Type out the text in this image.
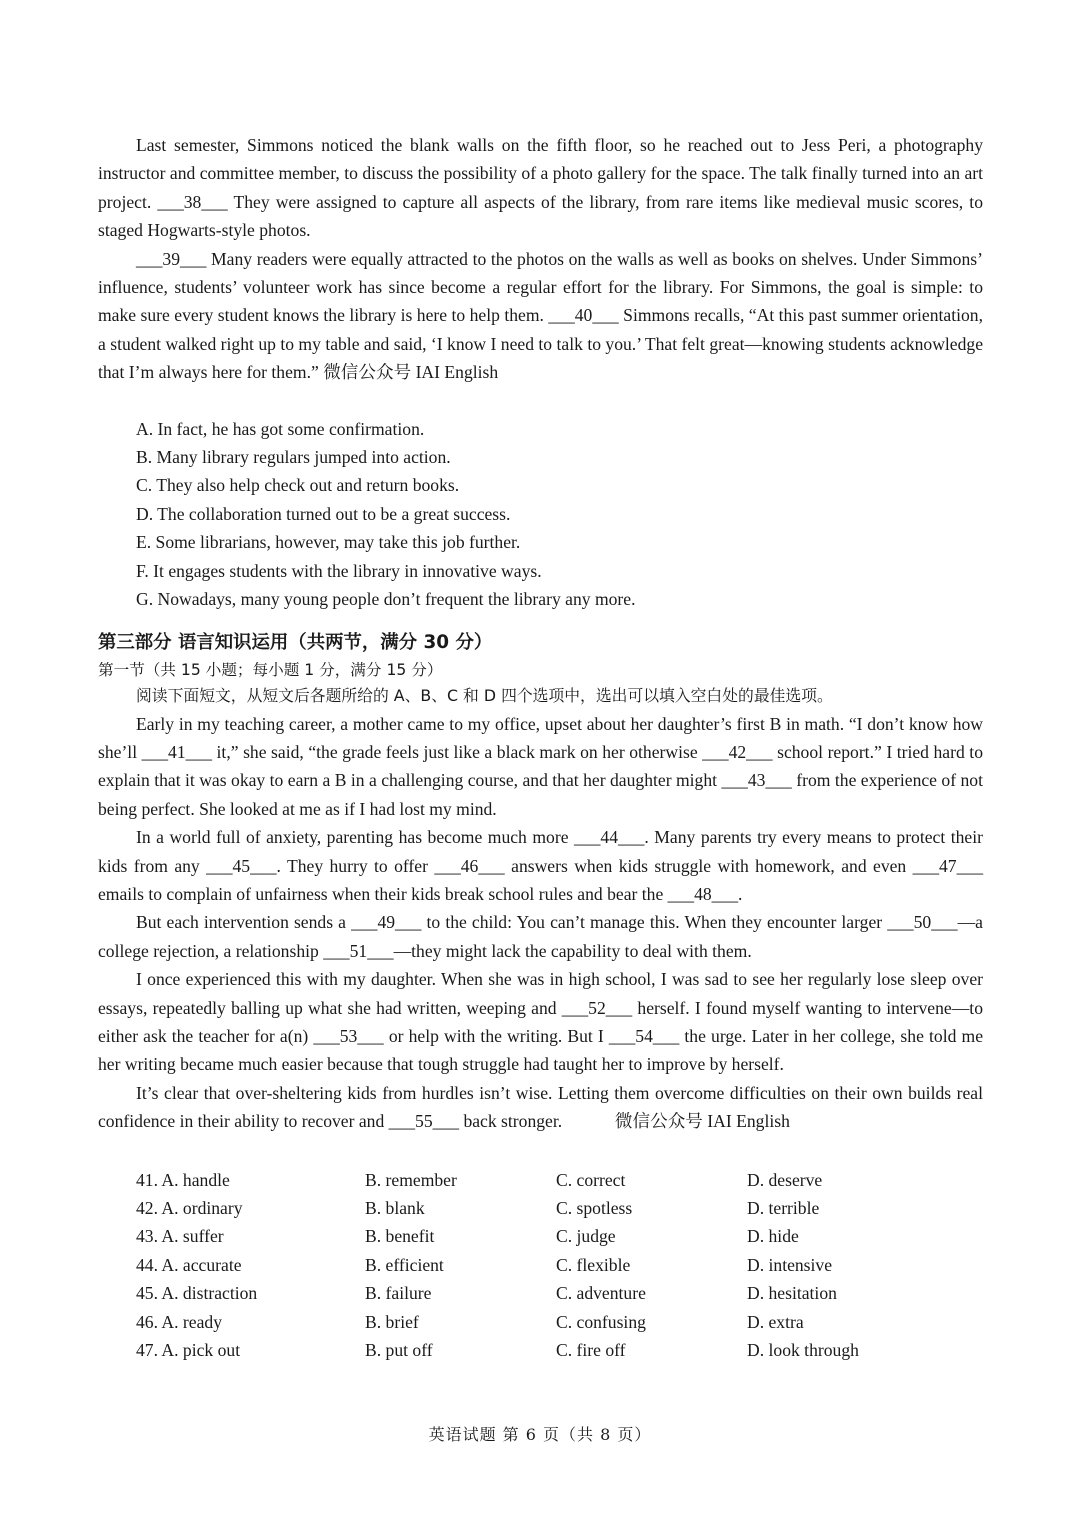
Last semester, Simmons noticed the blank walls on the fifth floor, so he reached out to Jess Peri, a photography instructor and committee member, to discuss the possibility of a photo gallery for the space. The talk finally turned into an art project. ___38___ They were assigned to capture all aspects of the library, from rare items like medieval music scores, to staged Hogwarts-style photos.

___39___ Many readers were equally attracted to the photos on the walls as well as books on shelves. Under Simmons’ influence, students’ volunteer work has since become a regular effort for the library. For Simmons, the goal is simple: to make sure every student knows the library is here to help them. ___40___ Simmons recalls, “At this past summer orientation, a student walked right up to my table and said, ‘I know I need to talk to you.’ That felt great—knowing students acknowledge that I’m always here for them.” 微信公众号 IAI English

A. In fact, he has got some confirmation.

B. Many library regulars jumped into action.

C. They also help check out and return books.

D. The collaboration turned out to be a great success.

E. Some librarians, however, may take this job further.

F. It engages students with the library in innovative ways.

G. Nowadays, many young people don’t frequent the library any more.

第三部分 语言知识运用（共两节，满分 30 分）
第一节（共 15 小题；每小题 1 分，满分 15 分）

阅读下面短文，从短文后各题所给的 A、B、C 和 D 四个选项中，选出可以填入空白处的最佳选项。

Early in my teaching career, a mother came to my office, upset about her daughter’s first B in math. “I don’t know how she’ll ___41___ it,” she said, “the grade feels just like a black mark on her otherwise ___42___ school report.” I tried hard to explain that it was okay to earn a B in a challenging course, and that her daughter might ___43___ from the experience of not being perfect. She looked at me as if I had lost my mind.

In a world full of anxiety, parenting has become much more ___44___. Many parents try every means to protect their kids from any ___45___. They hurry to offer ___46___ answers when kids struggle with homework, and even ___47___ emails to complain of unfairness when their kids break school rules and bear the ___48___.

But each intervention sends a ___49___ to the child: You can’t manage this. When they encounter larger ___50___—a college rejection, a relationship ___51___—they might lack the capability to deal with them.

I once experienced this with my daughter. When she was in high school, I was sad to see her regularly lose sleep over essays, repeatedly balling up what she had written, weeping and ___52___ herself. I found myself wanting to intervene—to either ask the teacher for a(n) ___53___ or help with the writing. But I ___54___ the urge. Later in her college, she told me her writing became much easier because that tough struggle had taught her to improve by herself.

It’s clear that over-sheltering kids from hurdles isn’t wise. Letting them overcome difficulties on their own builds real confidence in their ability to recover and ___55___ back stronger.	微信公众号 IAI English

41. A. handle	B. remember	C. correct	D. deserve
42. A. ordinary	B. blank	C. spotless	D. terrible
43. A. suffer	B. benefit	C. judge	D. hide
44. A. accurate	B. efficient	C. flexible	D. intensive
45. A. distraction	B. failure	C. adventure	D. hesitation
46. A. ready	B. brief	C. confusing	D. extra
47. A. pick out	B. put off	C. fire off	D. look through
英语试题 第 6 页（共 8 页）
